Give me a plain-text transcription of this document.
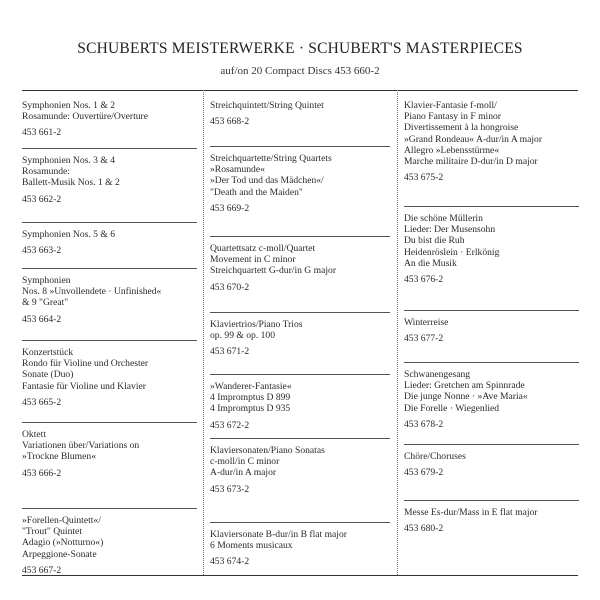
SCHUBERTS MEISTERWERKE · SCHUBERT'S MASTERPIECES
auf/on 20 Compact Discs 453 660-2
Symphonien Nos. 1 & 2
Rosamunde: Ouvertüre/Overture
453 661-2
Symphonien Nos. 3 & 4
Rosamunde:
Ballett-Musik Nos. 1 & 2
453 662-2
Symphonien Nos. 5 & 6
453 663-2
Symphonien
Nos. 8 »Unvollendete · Unfinished«
& 9 "Great"
453 664-2
Konzertstück
Rondo für Violine und Orchester
Sonate (Duo)
Fantasie für Violine und Klavier
453 665-2
Oktett
Variationen über/Variations on
»Trockne Blumen«
453 666-2
»Forellen-Quintett«/
"Trout" Quintet
Adagio (»Notturno«)
Arpeggione-Sonate
453 667-2
Streichquintett/String Quintet
453 668-2
Streichquartette/String Quartets
»Rosamunde«
»Der Tod und das Mädchen«/
"Death and the Maiden"
453 669-2
Quartettsatz c-moll/Quartet
Movement in C minor
Streichquartett G-dur/in G major
453 670-2
Klaviertrios/Piano Trios
op. 99 & op. 100
453 671-2
»Wanderer-Fantasie«
4 Impromptus D 899
4 Impromptus D 935
453 672-2
Klaviersonaten/Piano Sonatas
c-moll/in C minor
A-dur/in A major
453 673-2
Klaviersonate B-dur/in B flat major
6 Moments musicaux
453 674-2
Klavier-Fantasie f-moll/
Piano Fantasy in F minor
Divertissement à la hongroise
»Grand Rondeau« A-dur/in A major
Allegro »Lebensstürme«
Marche militaire D-dur/in D major
453 675-2
Die schöne Müllerin
Lieder: Der Musensohn
Du bist die Ruh
Heidenröslein · Erlkönig
An die Musik
453 676-2
Winterreise
453 677-2
Schwanengesang
Lieder: Gretchen am Spinnrade
Die junge Nonne · »Ave Maria«
Die Forelle · Wiegenlied
453 678-2
Chöre/Choruses
453 679-2
Messe Es-dur/Mass in E flat major
453 680-2
